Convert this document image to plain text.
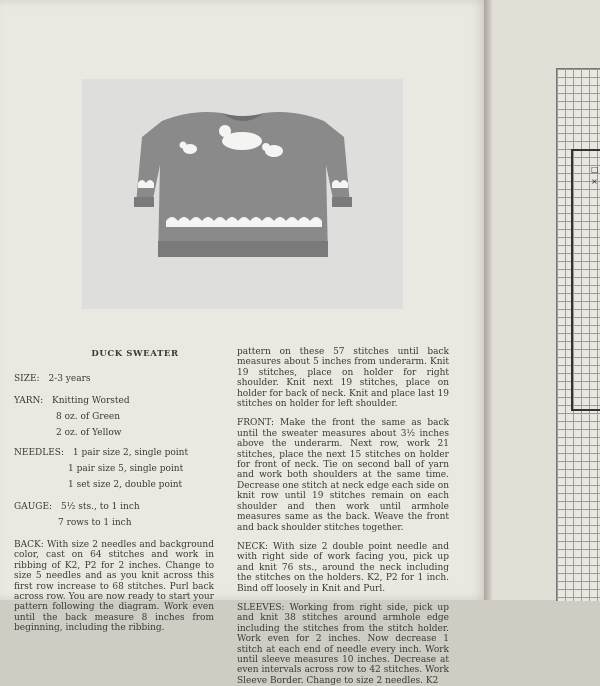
DUCK SWEATER
SIZE: 2-3 years
YARN: Knitting Worsted
8 oz. of Green
2 oz. of Yellow
NEEDLES: 1 pair size 2, single point
1 pair size 5, single point
1 set size 2, double point
GAUGE: 5½ sts., to 1 inch
7 rows to 1 inch

BACK: With size 2 needles and background color, cast on 64 stitches and work in ribbing of K2, P2 for 2 inches. Change to size 5 needles and as you knit across this first row increase to 68 stitches. Purl back across row. You are now ready to start your pattern following the diagram. Work even until the back measure 8 inches from beginning, including the ribbing.

pattern on these 57 stitches until back measures about 5 inches from underarm. Knit 19 stitches, place on holder for right shoulder. Knit next 19 stitches, place on holder for back of neck. Knit and place last 19 stitches on holder for left shoulder.

FRONT: Make the front the same as back until the sweater measures about 3½ inches above the underarm. Next row, work 21 stitches, place the next 15 stitches on holder for front of neck. Tie on second ball of yarn and work both shoulders at the same time. Decrease one stitch at neck edge each side on knit row until 19 stitches remain on each shoulder and then work until armhole measures same as the back. Weave the front and back shoulder stitches together.

NECK: With size 2 double point needle and with right side of work facing you, pick up and knit 76 sts., around the neck including the stitches on the holders. K2, P2 for 1 inch. Bind off loosely in Knit and Purl.

SLEEVES: Working from right side, pick up and knit 38 stitches around armhole edge including the stitches from the stitch holder. Work even for 2 inches. Now decrease 1 stitch at each end of needle every inch. Work until sleeve measures 10 inches. Decrease at even intervals across row to 42 stitches. Work Sleeve Border. Change to size 2 needles. K2

□
×
